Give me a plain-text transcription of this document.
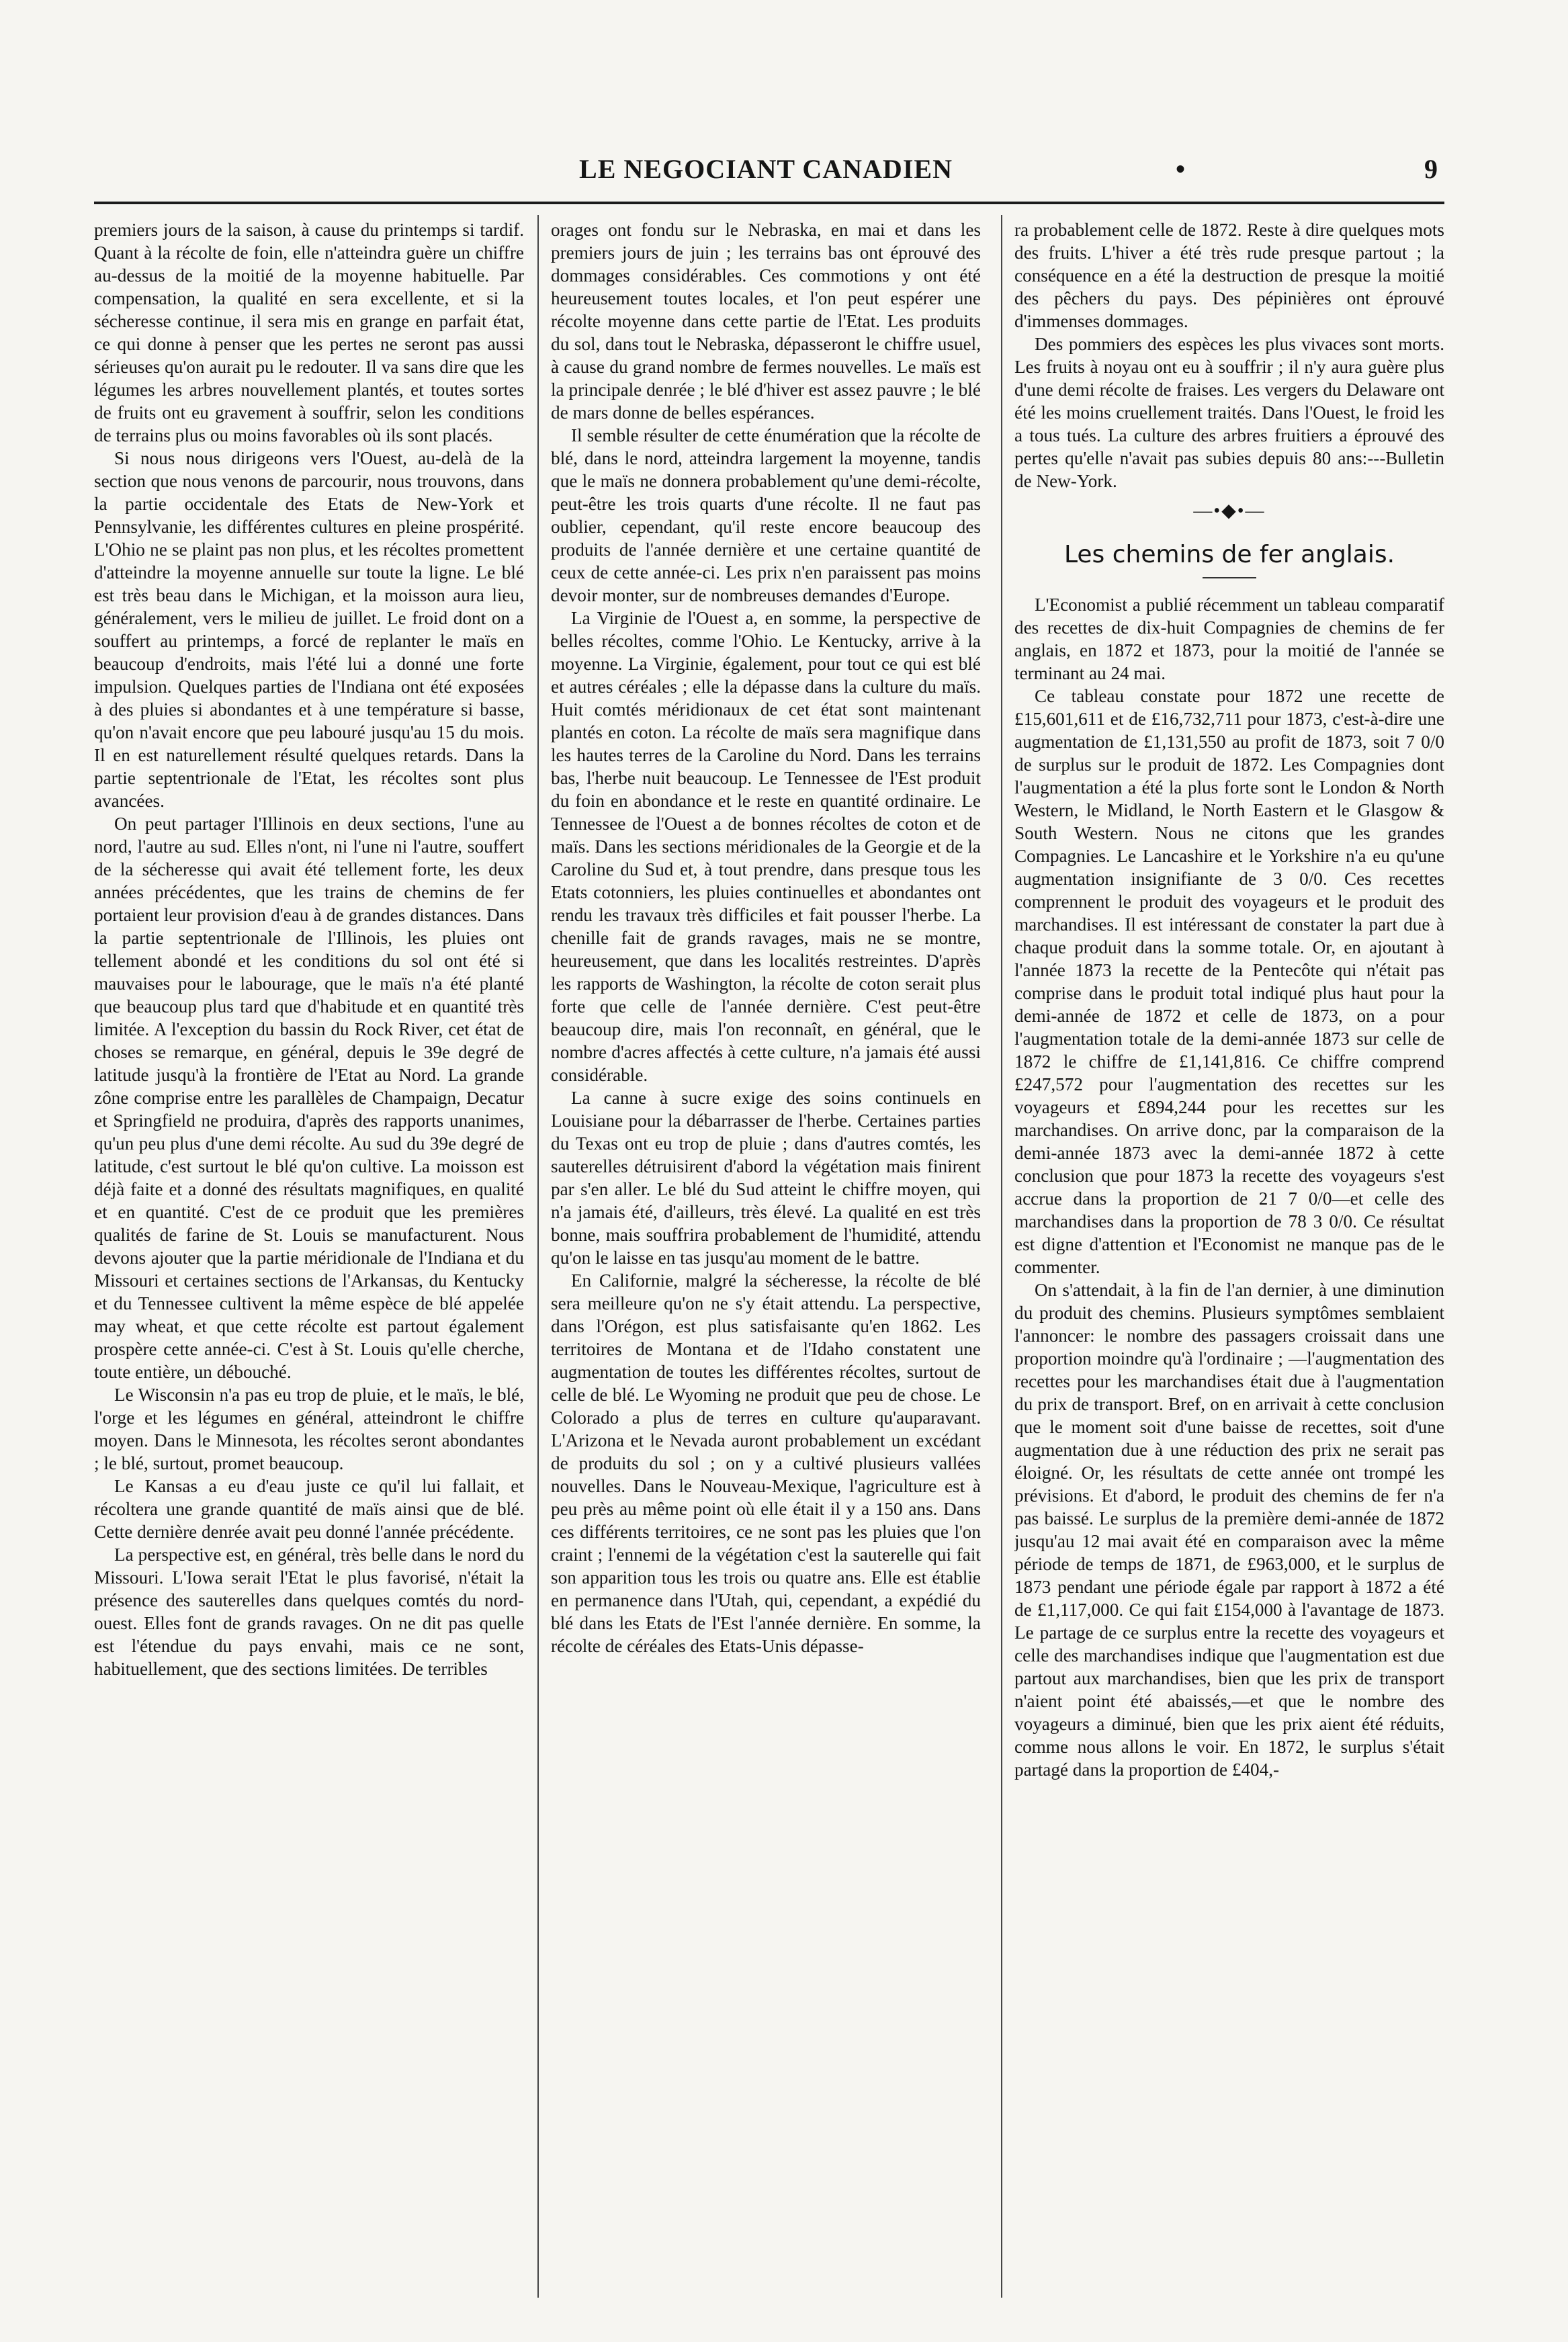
LE NEGOCIANT CANADIEN	•	9

premiers jours de la saison, à cause du printemps si tardif. Quant à la récolte de foin, elle n'atteindra guère un chiffre au-dessus de la moitié de la moyenne habituelle. Par compensation, la qualité en sera excellente, et si la sécheresse continue, il sera mis en grange en parfait état, ce qui donne à penser que les pertes ne seront pas aussi sérieuses qu'on aurait pu le redouter. Il va sans dire que les légumes les arbres nouvellement plantés, et toutes sortes de fruits ont eu gravement à souffrir, selon les conditions de terrains plus ou moins favorables où ils sont placés.

Si nous nous dirigeons vers l'Ouest, au-delà de la section que nous venons de parcourir, nous trouvons, dans la partie occidentale des Etats de New-York et Pennsylvanie, les différentes cultures en pleine prospérité. L'Ohio ne se plaint pas non plus, et les récoltes promettent d'atteindre la moyenne annuelle sur toute la ligne. Le blé est très beau dans le Michigan, et la moisson aura lieu, généralement, vers le milieu de juillet. Le froid dont on a souffert au printemps, a forcé de replanter le maïs en beaucoup d'endroits, mais l'été lui a donné une forte impulsion. Quelques parties de l'Indiana ont été exposées à des pluies si abondantes et à une température si basse, qu'on n'avait encore que peu labouré jusqu'au 15 du mois. Il en est naturellement résulté quelques retards. Dans la partie septentrionale de l'Etat, les récoltes sont plus avancées.

On peut partager l'Illinois en deux sections, l'une au nord, l'autre au sud. Elles n'ont, ni l'une ni l'autre, souffert de la sécheresse qui avait été tellement forte, les deux années précédentes, que les trains de chemins de fer portaient leur provision d'eau à de grandes distances. Dans la partie septentrionale de l'Illinois, les pluies ont tellement abondé et les conditions du sol ont été si mauvaises pour le labourage, que le maïs n'a été planté que beaucoup plus tard que d'habitude et en quantité très limitée. A l'exception du bassin du Rock River, cet état de choses se remarque, en général, depuis le 39e degré de latitude jusqu'à la frontière de l'Etat au Nord. La grande zône comprise entre les parallèles de Champaign, Decatur et Springfield ne produira, d'après des rapports unanimes, qu'un peu plus d'une demi récolte. Au sud du 39e degré de latitude, c'est surtout le blé qu'on cultive. La moisson est déjà faite et a donné des résultats magnifiques, en qualité et en quantité. C'est de ce produit que les premières qualités de farine de St. Louis se manufacturent. Nous devons ajouter que la partie méridionale de l'Indiana et du Missouri et certaines sections de l'Arkansas, du Kentucky et du Tennessee cultivent la même espèce de blé appelée may wheat, et que cette récolte est partout également prospère cette année-ci. C'est à St. Louis qu'elle cherche, toute entière, un débouché.

Le Wisconsin n'a pas eu trop de pluie, et le maïs, le blé, l'orge et les légumes en général, atteindront le chiffre moyen. Dans le Minnesota, les récoltes seront abondantes ; le blé, surtout, promet beaucoup.

Le Kansas a eu d'eau juste ce qu'il lui fallait, et récoltera une grande quantité de maïs ainsi que de blé. Cette dernière denrée avait peu donné l'année précédente.

La perspective est, en général, très belle dans le nord du Missouri. L'Iowa serait l'Etat le plus favorisé, n'était la présence des sauterelles dans quelques comtés du nord-ouest. Elles font de grands ravages. On ne dit pas quelle est l'étendue du pays envahi, mais ce ne sont, habituellement, que des sections limitées. De terribles

orages ont fondu sur le Nebraska, en mai et dans les premiers jours de juin ; les terrains bas ont éprouvé des dommages considérables. Ces commotions y ont été heureusement toutes locales, et l'on peut espérer une récolte moyenne dans cette partie de l'Etat. Les produits du sol, dans tout le Nebraska, dépasseront le chiffre usuel, à cause du grand nombre de fermes nouvelles. Le maïs est la principale denrée ; le blé d'hiver est assez pauvre ; le blé de mars donne de belles espérances.

Il semble résulter de cette énumération que la récolte de blé, dans le nord, atteindra largement la moyenne, tandis que le maïs ne donnera probablement qu'une demi-récolte, peut-être les trois quarts d'une récolte. Il ne faut pas oublier, cependant, qu'il reste encore beaucoup des produits de l'année dernière et une certaine quantité de ceux de cette année-ci. Les prix n'en paraissent pas moins devoir monter, sur de nombreuses demandes d'Europe.

La Virginie de l'Ouest a, en somme, la perspective de belles récoltes, comme l'Ohio. Le Kentucky, arrive à la moyenne. La Virginie, également, pour tout ce qui est blé et autres céréales ; elle la dépasse dans la culture du maïs. Huit comtés méridionaux de cet état sont maintenant plantés en coton. La récolte de maïs sera magnifique dans les hautes terres de la Caroline du Nord. Dans les terrains bas, l'herbe nuit beaucoup. Le Tennessee de l'Est produit du foin en abondance et le reste en quantité ordinaire. Le Tennessee de l'Ouest a de bonnes récoltes de coton et de maïs. Dans les sections méridionales de la Georgie et de la Caroline du Sud et, à tout prendre, dans presque tous les Etats cotonniers, les pluies continuelles et abondantes ont rendu les travaux très difficiles et fait pousser l'herbe. La chenille fait de grands ravages, mais ne se montre, heureusement, que dans les localités restreintes. D'après les rapports de Washington, la récolte de coton serait plus forte que celle de l'année dernière. C'est peut-être beaucoup dire, mais l'on reconnaît, en général, que le nombre d'acres affectés à cette culture, n'a jamais été aussi considérable.

La canne à sucre exige des soins continuels en Louisiane pour la débarrasser de l'herbe. Certaines parties du Texas ont eu trop de pluie ; dans d'autres comtés, les sauterelles détruisirent d'abord la végétation mais finirent par s'en aller. Le blé du Sud atteint le chiffre moyen, qui n'a jamais été, d'ailleurs, très élevé. La qualité en est très bonne, mais souffrira probablement de l'humidité, attendu qu'on le laisse en tas jusqu'au moment de le battre.

En Californie, malgré la sécheresse, la récolte de blé sera meilleure qu'on ne s'y était attendu. La perspective, dans l'Orégon, est plus satisfaisante qu'en 1862. Les territoires de Montana et de l'Idaho constatent une augmentation de toutes les différentes récoltes, surtout de celle de blé. Le Wyoming ne produit que peu de chose. Le Colorado a plus de terres en culture qu'auparavant. L'Arizona et le Nevada auront probablement un excédant de produits du sol ; on y a cultivé plusieurs vallées nouvelles. Dans le Nouveau-Mexique, l'agriculture est à peu près au même point où elle était il y a 150 ans. Dans ces différents territoires, ce ne sont pas les pluies que l'on craint ; l'ennemi de la végétation c'est la sauterelle qui fait son apparition tous les trois ou quatre ans. Elle est établie en permanence dans l'Utah, qui, cependant, a expédié du blé dans les Etats de l'Est l'année dernière. En somme, la récolte de céréales des Etats-Unis dépasse-

ra probablement celle de 1872. Reste à dire quelques mots des fruits. L'hiver a été très rude presque partout ; la conséquence en a été la destruction de presque la moitié des pêchers du pays. Des pépinières ont éprouvé d'immenses dommages.

Des pommiers des espèces les plus vivaces sont morts. Les fruits à noyau ont eu à souffrir ; il n'y aura guère plus d'une demi récolte de fraises. Les vergers du Delaware ont été les moins cruellement traités. Dans l'Ouest, le froid les a tous tués. La culture des arbres fruitiers a éprouvé des pertes qu'elle n'avait pas subies depuis 80 ans:---Bulletin de New-York.

—•◆•—
Les chemins de fer anglais.

L'Economist a publié récemment un tableau comparatif des recettes de dix-huit Compagnies de chemins de fer anglais, en 1872 et 1873, pour la moitié de l'année se terminant au 24 mai.

Ce tableau constate pour 1872 une recette de £15,601,611 et de £16,732,711 pour 1873, c'est-à-dire une augmentation de £1,131,550 au profit de 1873, soit 7 0/0 de surplus sur le produit de 1872. Les Compagnies dont l'augmentation a été la plus forte sont le London & North Western, le Midland, le North Eastern et le Glasgow & South Western. Nous ne citons que les grandes Compagnies. Le Lancashire et le Yorkshire n'a eu qu'une augmentation insignifiante de 3 0/0. Ces recettes comprennent le produit des voyageurs et le produit des marchandises. Il est intéressant de constater la part due à chaque produit dans la somme totale. Or, en ajoutant à l'année 1873 la recette de la Pentecôte qui n'était pas comprise dans le produit total indiqué plus haut pour la demi-année de 1872 et celle de 1873, on a pour l'augmentation totale de la demi-année 1873 sur celle de 1872 le chiffre de £1,141,816. Ce chiffre comprend £247,572 pour l'augmentation des recettes sur les voyageurs et £894,244 pour les recettes sur les marchandises. On arrive donc, par la comparaison de la demi-année 1873 avec la demi-année 1872 à cette conclusion que pour 1873 la recette des voyageurs s'est accrue dans la proportion de 21 7 0/0—et celle des marchandises dans la proportion de 78 3 0/0. Ce résultat est digne d'attention et l'Economist ne manque pas de le commenter.

On s'attendait, à la fin de l'an dernier, à une diminution du produit des chemins. Plusieurs symptômes semblaient l'annoncer: le nombre des passagers croissait dans une proportion moindre qu'à l'ordinaire ; —l'augmentation des recettes pour les marchandises était due à l'augmentation du prix de transport. Bref, on en arrivait à cette conclusion que le moment soit d'une baisse de recettes, soit d'une augmentation due à une réduction des prix ne serait pas éloigné. Or, les résultats de cette année ont trompé les prévisions. Et d'abord, le produit des chemins de fer n'a pas baissé. Le surplus de la première demi-année de 1872 jusqu'au 12 mai avait été en comparaison avec la même période de temps de 1871, de £963,000, et le surplus de 1873 pendant une période égale par rapport à 1872 a été de £1,117,000. Ce qui fait £154,000 à l'avantage de 1873. Le partage de ce surplus entre la recette des voyageurs et celle des marchandises indique que l'augmentation est due partout aux marchandises, bien que les prix de transport n'aient point été abaissés,—et que le nombre des voyageurs a diminué, bien que les prix aient été réduits, comme nous allons le voir. En 1872, le surplus s'était partagé dans la proportion de £404,-
